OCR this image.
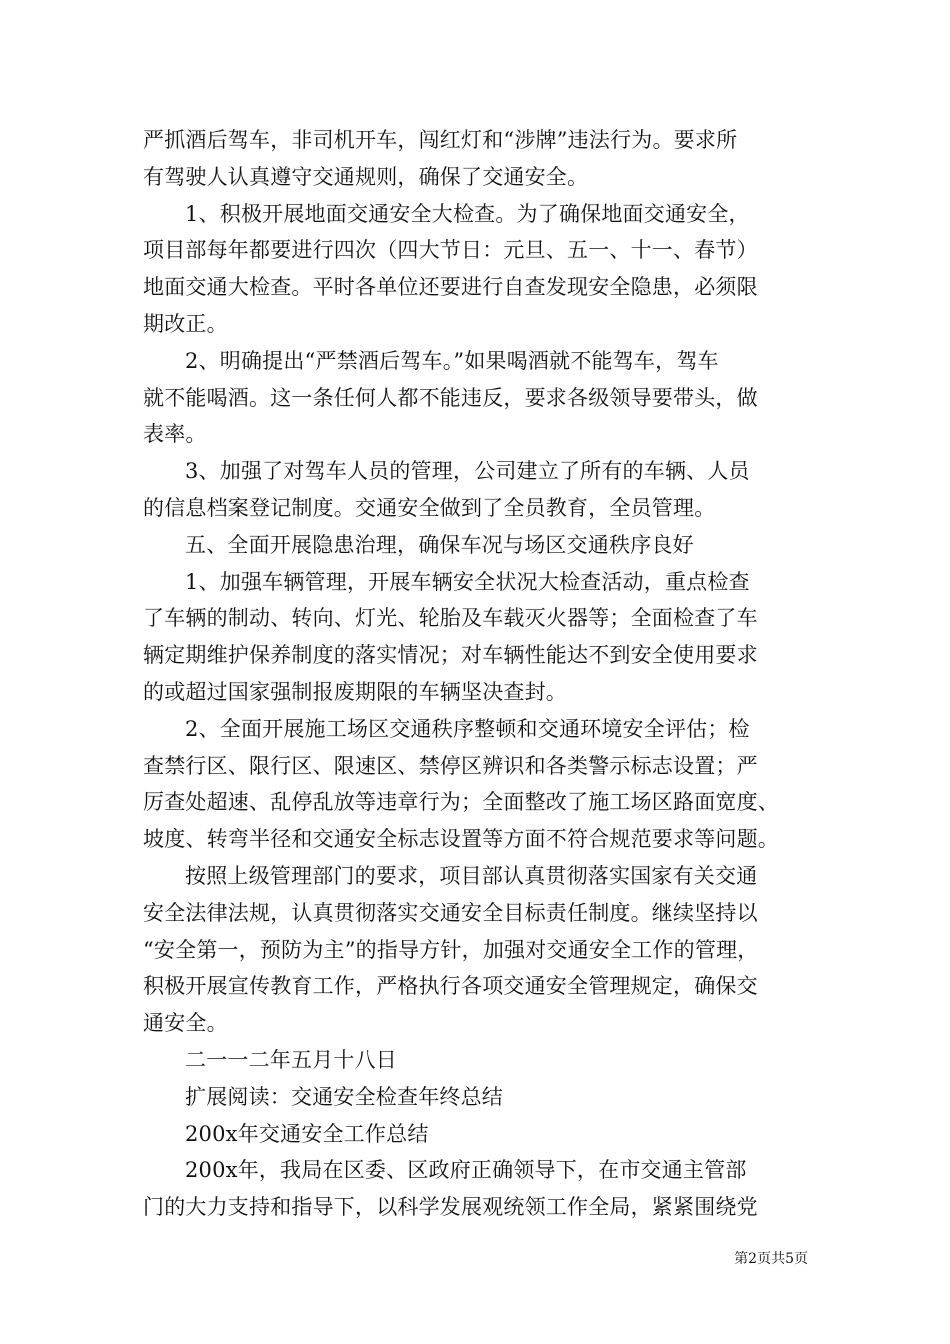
严抓酒后驾车，非司机开车，闯红灯和“涉牌”违法行为。要求所
有驾驶人认真遵守交通规则，确保了交通安全。

1、积极开展地面交通安全大检查。为了确保地面交通安全，
项目部每年都要进行四次（四大节日：元旦、五一、十一、春节）
地面交通大检查。平时各单位还要进行自查发现安全隐患，必须限
期改正。

2、明确提出“严禁酒后驾车。”如果喝酒就不能驾车，驾车
就不能喝酒。这一条任何人都不能违反，要求各级领导要带头，做
表率。

3、加强了对驾车人员的管理，公司建立了所有的车辆、人员
的信息档案登记制度。交通安全做到了全员教育，全员管理。

五、全面开展隐患治理，确保车况与场区交通秩序良好

1、加强车辆管理，开展车辆安全状况大检查活动，重点检查
了车辆的制动、转向、灯光、轮胎及车载灭火器等；全面检查了车
辆定期维护保养制度的落实情况；对车辆性能达不到安全使用要求
的或超过国家强制报废期限的车辆坚决查封。

2、全面开展施工场区交通秩序整顿和交通环境安全评估；检
查禁行区、限行区、限速区、禁停区辨识和各类警示标志设置；严
厉查处超速、乱停乱放等违章行为；全面整改了施工场区路面宽度、
坡度、转弯半径和交通安全标志设置等方面不符合规范要求等问题。

按照上级管理部门的要求，项目部认真贯彻落实国家有关交通
安全法律法规，认真贯彻落实交通安全目标责任制度。继续坚持以
“安全第一，预防为主”的指导方针，加强对交通安全工作的管理，
积极开展宣传教育工作，严格执行各项交通安全管理规定，确保交
通安全。

二一一二年五月十八日

扩展阅读：交通安全检查年终总结

200x年交通安全工作总结

200x年，我局在区委、区政府正确领导下，在市交通主管部
门的大力支持和指导下，以科学发展观统领工作全局，紧紧围绕党

第2页共5页
